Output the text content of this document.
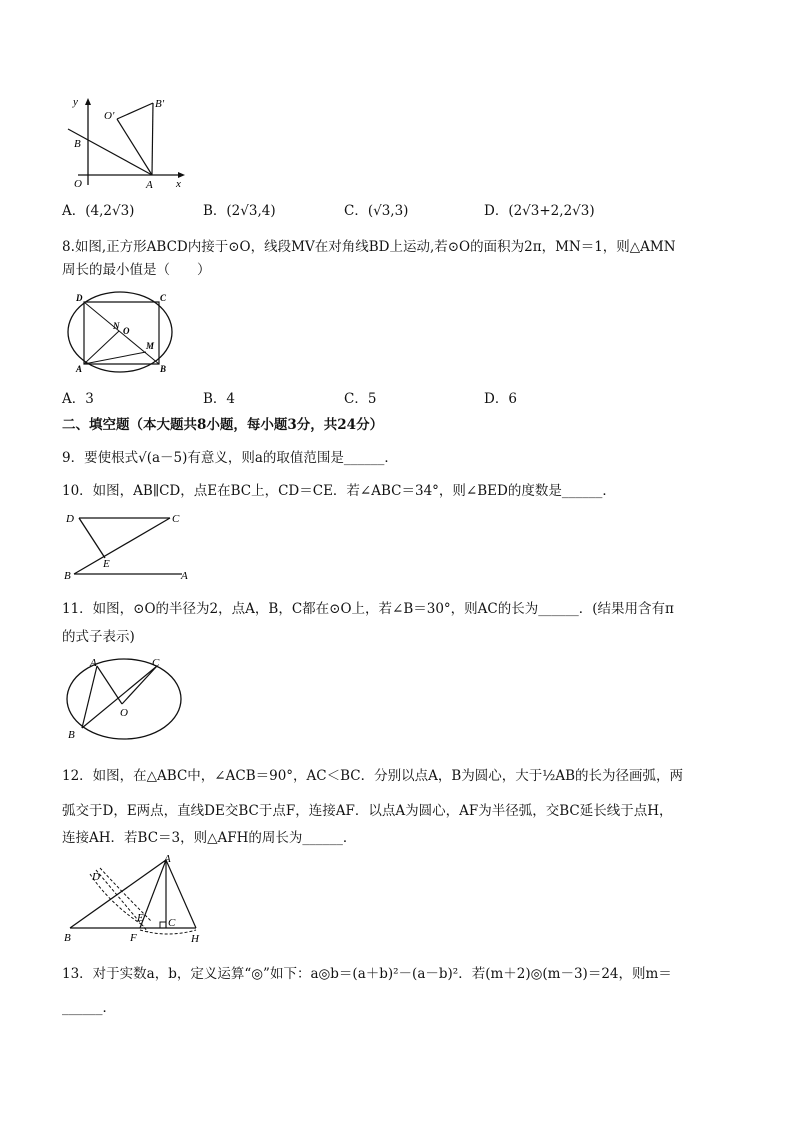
y
x
O
O'
B'
B
A
A．(4,2√3)	B．(2√3,4)	C．(√3,3)	D．(2√3+2,2√3)
8.如图,正方形ABCD内接于⊙O，线段MV在对角线BD上运动,若⊙O的面积为2π，MN＝1，则△AMN
周长的最小值是（　　）
D	C
N O
M
A	B
A．3	B．4	C．5	D．6
二、填空题（本大题共8小题，每小题3分，共24分）
9．要使根式√(a－5)有意义，则a的取值范围是______．
10．如图，AB∥CD，点E在BC上，CD＝CE．若∠ABC＝34°，则∠BED的度数是______．
D	C
E
B	A
11．如图，⊙O的半径为2，点A，B，C都在⊙O上，若∠B＝30°，则AC的长为______．(结果用含有π
的式子表示)
A	C
O
B
12．如图，在△ABC中，∠ACB＝90°，AC＜BC．分别以点A，B为圆心，大于½AB的长为径画弧，两
弧交于D，E两点，直线DE交BC于点F，连接AF．以点A为圆心，AF为半径弧，交BC延长线于点H，
连接AH．若BC＝3，则△AFH的周长为______．
D
A
E C
B	F	H
13．对于实数a，b，定义运算“◎”如下：a◎b＝(a＋b)²－(a－b)²．若(m＋2)◎(m－3)＝24，则m＝
______．
